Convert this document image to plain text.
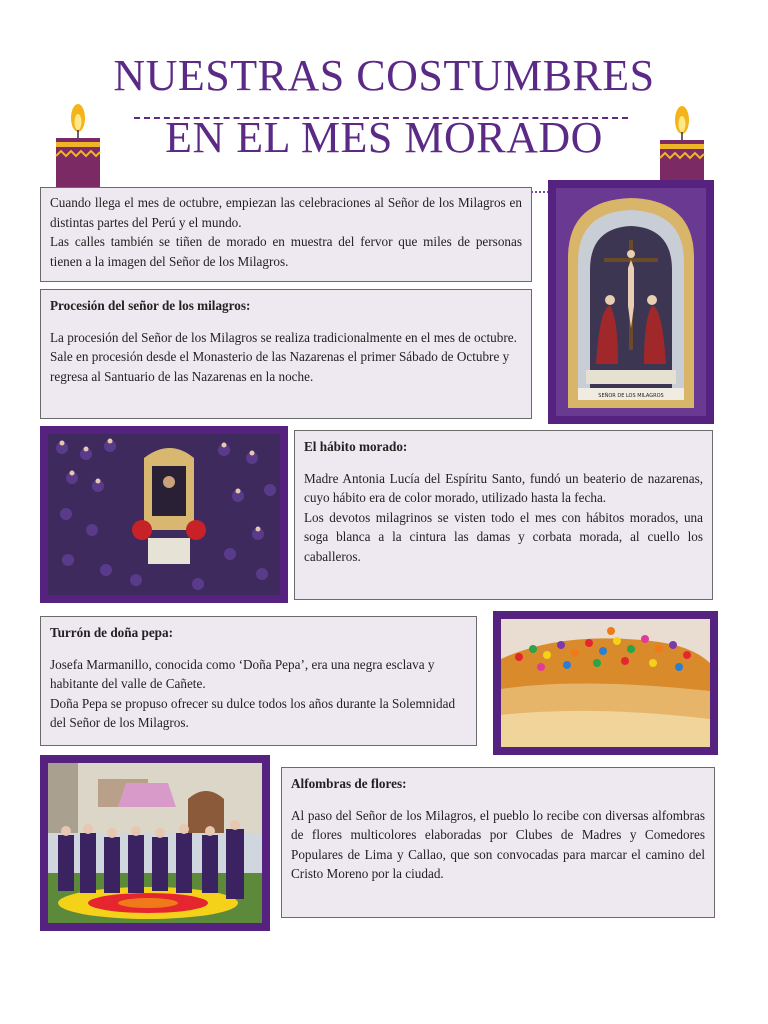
NUESTRAS COSTUMBRES
EN EL MES MORADO

Cuando llega el mes de octubre, empiezan las celebraciones al Señor de los Milagros en distintas partes del Perú y el mundo.

Las calles también se tiñen de morado en muestra del fervor que miles de personas tienen a la imagen del Señor de los Milagros.

SEÑOR DE LOS MILAGROS

Procesión del señor de los milagros:

La procesión del Señor de los Milagros se realiza tradicionalmente en el mes de octubre. Sale en procesión desde el Monasterio de las Nazarenas el primer Sábado de Octubre y regresa al Santuario de las Nazarenas en la noche.

El hábito morado:

Madre Antonia Lucía del Espíritu Santo, fundó un beaterio de nazarenas, cuyo hábito era de color morado, utilizado hasta la fecha.

Los devotos milagrinos se visten todo el mes con hábitos morados, una soga blanca a la cintura las damas y corbata morada, al cuello los caballeros.

Turrón de doña pepa:

Josefa Marmanillo, conocida como ‘Doña Pepa’, era una negra esclava y habitante del valle de Cañete.

Doña Pepa se propuso ofrecer su dulce todos los años durante la Solemnidad del Señor de los Milagros.

Alfombras de flores:

Al paso del Señor de los Milagros, el pueblo lo recibe con diversas alfombras de flores multicolores elaboradas por Clubes de Madres y Comedores Populares de Lima y Callao, que son convocadas para marcar el camino del Cristo Moreno por la ciudad.
